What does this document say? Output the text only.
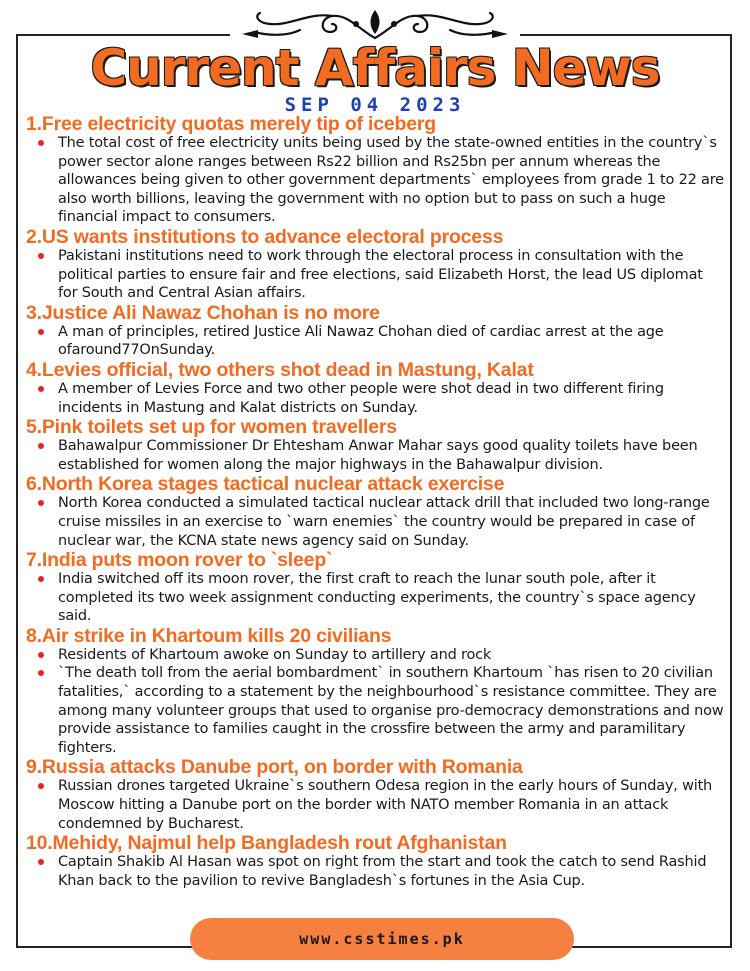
Current Affairs News
SEP 04 2023
1.Free electricity quotas merely tip of iceberg
The total cost of free electricity units being used by the state-owned entities in the country`s power sector alone ranges between Rs22 billion and Rs25bn per annum whereas the allowances being given to other government departments` employees from grade 1 to 22 are also worth billions, leaving the government with no option but to pass on such a huge financial impact to consumers.
2.US wants institutions to advance electoral process
Pakistani institutions need to work through the electoral process in consultation with the political parties to ensure fair and free elections, said Elizabeth Horst, the lead US diplomat for South and Central Asian affairs.
3.Justice Ali Nawaz Chohan is no more
A man of principles, retired Justice Ali Nawaz Chohan died of cardiac arrest at the age ofaround77OnSunday.
4.Levies official, two others shot dead in Mastung, Kalat
A member of Levies Force and two other people were shot dead in two different firing incidents in Mastung and Kalat districts on Sunday.
5.Pink toilets set up for women travellers
Bahawalpur Commissioner Dr Ehtesham Anwar Mahar says good quality toilets have been established for women along the major highways in the Bahawalpur division.
6.North Korea stages tactical nuclear attack exercise
North Korea conducted a simulated tactical nuclear attack drill that included two long-range cruise missiles in an exercise to `warn enemies` the country would be prepared in case of nuclear war, the KCNA state news agency said on Sunday.
7.India puts moon rover to `sleep`
India switched off its moon rover, the first craft to reach the lunar south pole, after it completed its two week assignment conducting experiments, the country`s space agency said.
8.Air strike in Khartoum kills 20 civilians
Residents of Khartoum awoke on Sunday to artillery and rock
`The death toll from the aerial bombardment` in southern Khartoum `has risen to 20 civilian fatalities,` according to a statement by the neighbourhood`s resistance committee. They are among many volunteer groups that used to organise pro-democracy demonstrations and now provide assistance to families caught in the crossfire between the army and paramilitary fighters.
9.Russia attacks Danube port, on border with Romania
Russian drones targeted Ukraine`s southern Odesa region in the early hours of Sunday, with Moscow hitting a Danube port on the border with NATO member Romania in an attack condemned by Bucharest.
10.Mehidy, Najmul help Bangladesh rout Afghanistan
Captain Shakib Al Hasan was spot on right from the start and took the catch to send Rashid Khan back to the pavilion to revive Bangladesh`s fortunes in the Asia Cup.
www.csstimes.pk
